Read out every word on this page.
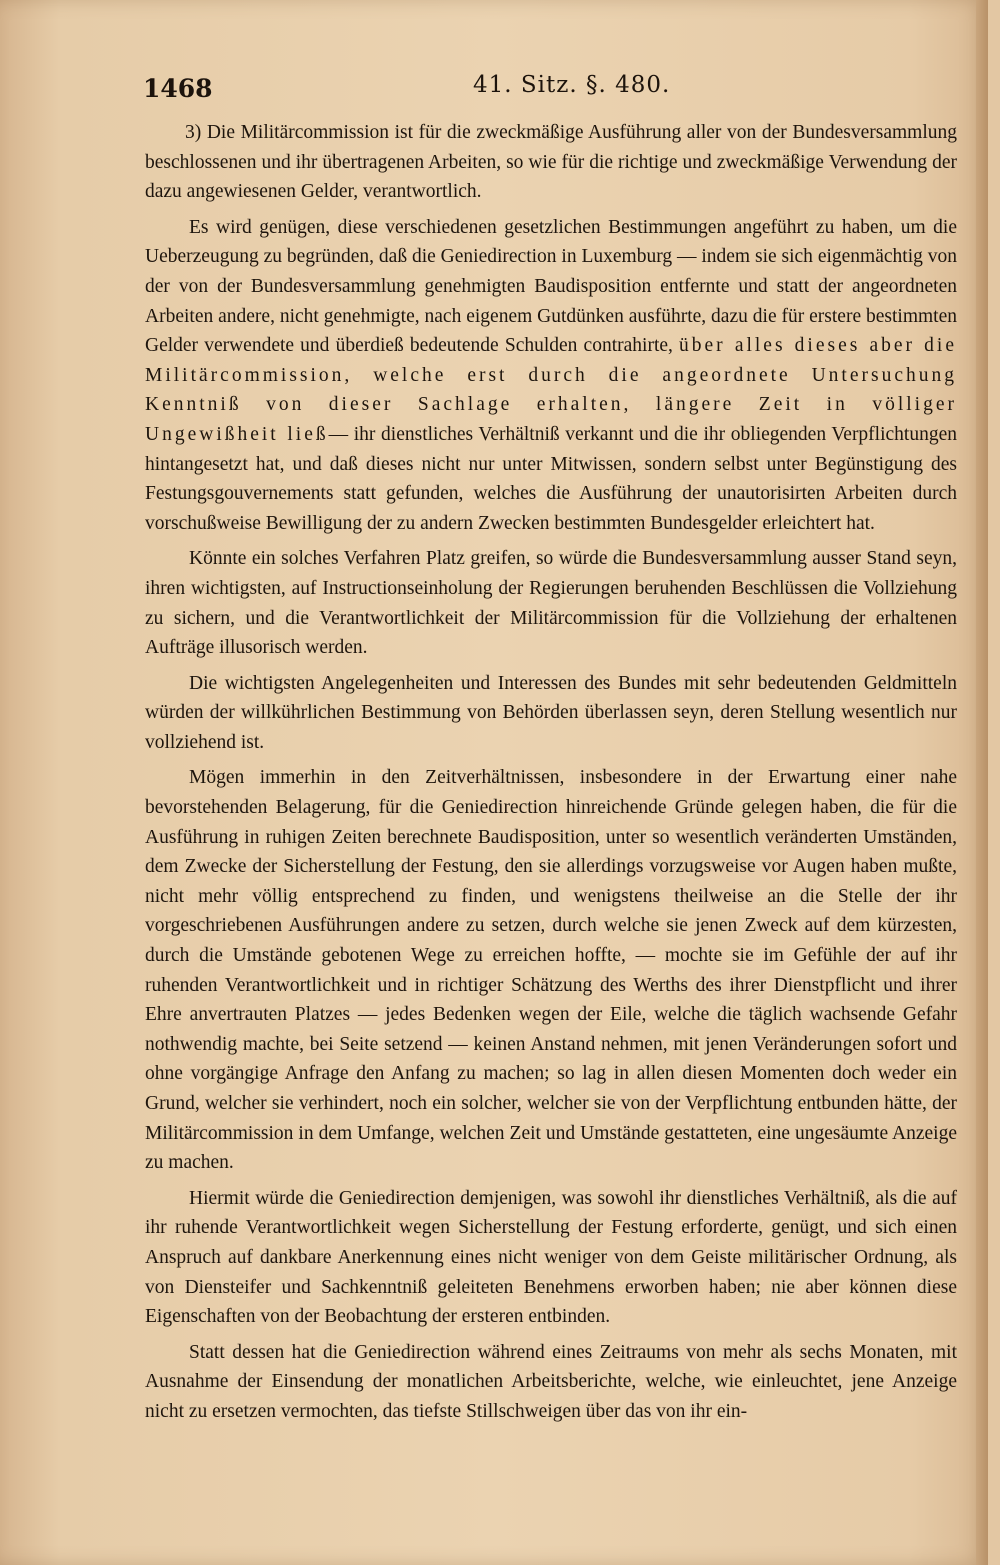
1468	41. Sitz. §. 480.

3) Die Militärcommission ist für die zweckmäßige Ausführung aller von der Bundesversammlung beschlossenen und ihr übertragenen Arbeiten, so wie für die richtige und zweckmäßige Verwendung der dazu angewiesenen Gelder, verantwortlich.

Es wird genügen, diese verschiedenen gesetzlichen Bestimmungen angeführt zu haben, um die Ueberzeugung zu begründen, daß die Geniedirection in Luxemburg — indem sie sich eigenmächtig von der von der Bundesversammlung genehmigten Baudisposition entfernte und statt der angeordneten Arbeiten andere, nicht genehmigte, nach eigenem Gutdünken ausführte, dazu die für erstere bestimmten Gelder verwendete und überdieß bedeutende Schulden contrahirte, über alles dieses aber die Militärcommission, welche erst durch die angeordnete Untersuchung Kenntniß von dieser Sachlage erhalten, längere Zeit in völliger Ungewißheit ließ— ihr dienstliches Verhältniß verkannt und die ihr obliegenden Verpflichtungen hintangesetzt hat, und daß dieses nicht nur unter Mitwissen, sondern selbst unter Begünstigung des Festungsgouvernements statt gefunden, welches die Ausführung der unautorisirten Arbeiten durch vorschußweise Bewilligung der zu andern Zwecken bestimmten Bundesgelder erleichtert hat.

Könnte ein solches Verfahren Platz greifen, so würde die Bundesversammlung ausser Stand seyn, ihren wichtigsten, auf Instructionseinholung der Regierungen beruhenden Beschlüssen die Vollziehung zu sichern, und die Verantwortlichkeit der Militärcommission für die Vollziehung der erhaltenen Aufträge illusorisch werden.

Die wichtigsten Angelegenheiten und Interessen des Bundes mit sehr bedeutenden Geldmitteln würden der willkührlichen Bestimmung von Behörden überlassen seyn, deren Stellung wesentlich nur vollziehend ist.

Mögen immerhin in den Zeitverhältnissen, insbesondere in der Erwartung einer nahe bevorstehenden Belagerung, für die Geniedirection hinreichende Gründe gelegen haben, die für die Ausführung in ruhigen Zeiten berechnete Baudisposition, unter so wesentlich veränderten Umständen, dem Zwecke der Sicherstellung der Festung, den sie allerdings vorzugsweise vor Augen haben mußte, nicht mehr völlig entsprechend zu finden, und wenigstens theilweise an die Stelle der ihr vorgeschriebenen Ausführungen andere zu setzen, durch welche sie jenen Zweck auf dem kürzesten, durch die Umstände gebotenen Wege zu erreichen hoffte, — mochte sie im Gefühle der auf ihr ruhenden Verantwortlichkeit und in richtiger Schätzung des Werths des ihrer Dienstpflicht und ihrer Ehre anvertrauten Platzes — jedes Bedenken wegen der Eile, welche die täglich wachsende Gefahr nothwendig machte, bei Seite setzend — keinen Anstand nehmen, mit jenen Veränderungen sofort und ohne vorgängige Anfrage den Anfang zu machen; so lag in allen diesen Momenten doch weder ein Grund, welcher sie verhindert, noch ein solcher, welcher sie von der Verpflichtung entbunden hätte, der Militärcommission in dem Umfange, welchen Zeit und Umstände gestatteten, eine ungesäumte Anzeige zu machen.

Hiermit würde die Geniedirection demjenigen, was sowohl ihr dienstliches Verhältniß, als die auf ihr ruhende Verantwortlichkeit wegen Sicherstellung der Festung erforderte, genügt, und sich einen Anspruch auf dankbare Anerkennung eines nicht weniger von dem Geiste militärischer Ordnung, als von Diensteifer und Sachkenntniß geleiteten Benehmens erworben haben; nie aber können diese Eigenschaften von der Beobachtung der ersteren entbinden.

Statt dessen hat die Geniedirection während eines Zeitraums von mehr als sechs Monaten, mit Ausnahme der Einsendung der monatlichen Arbeitsberichte, welche, wie einleuchtet, jene Anzeige nicht zu ersetzen vermochten, das tiefste Stillschweigen über das von ihr ein-
